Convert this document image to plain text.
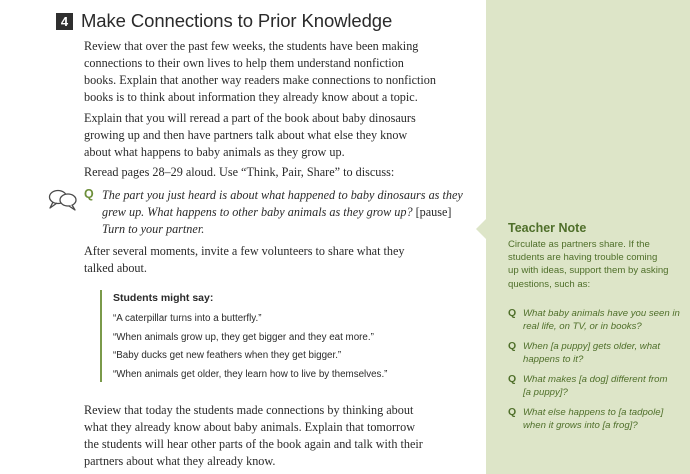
4 Make Connections to Prior Knowledge

Review that over the past few weeks, the students have been making
connections to their own lives to help them understand nonfiction
books. Explain that another way readers make connections to nonfiction
books is to think about information they already know about a topic.

Explain that you will reread a part of the book about baby dinosaurs
growing up and then have partners talk about what else they know
about what happens to baby animals as they grow up.

Reread pages 28–29 aloud. Use “Think, Pair, Share” to discuss:

Q The part you just heard is about what happened to baby dinosaurs as they
grew up. What happens to other baby animals as they grow up? [pause]
Turn to your partner.

After several moments, invite a few volunteers to share what they
talked about.

Students might say:
“A caterpillar turns into a butterfly.”
“When animals grow up, they get bigger and they eat more.”
“Baby ducks get new feathers when they get bigger.”
“When animals get older, they learn how to live by themselves.”

Review that today the students made connections by thinking about
what they already know about baby animals. Explain that tomorrow
the students will hear other parts of the book again and talk with their
partners about what they already know.

Teacher Note
Circulate as partners share. If the
students are having trouble coming
up with ideas, support them by asking
questions, such as:
Q What baby animals have you seen in
real life, on TV, or in books?
Q When [a puppy] gets older, what
happens to it?
Q What makes [a dog] different from
[a puppy]?
Q What else happens to [a tadpole]
when it grows into [a frog]?
